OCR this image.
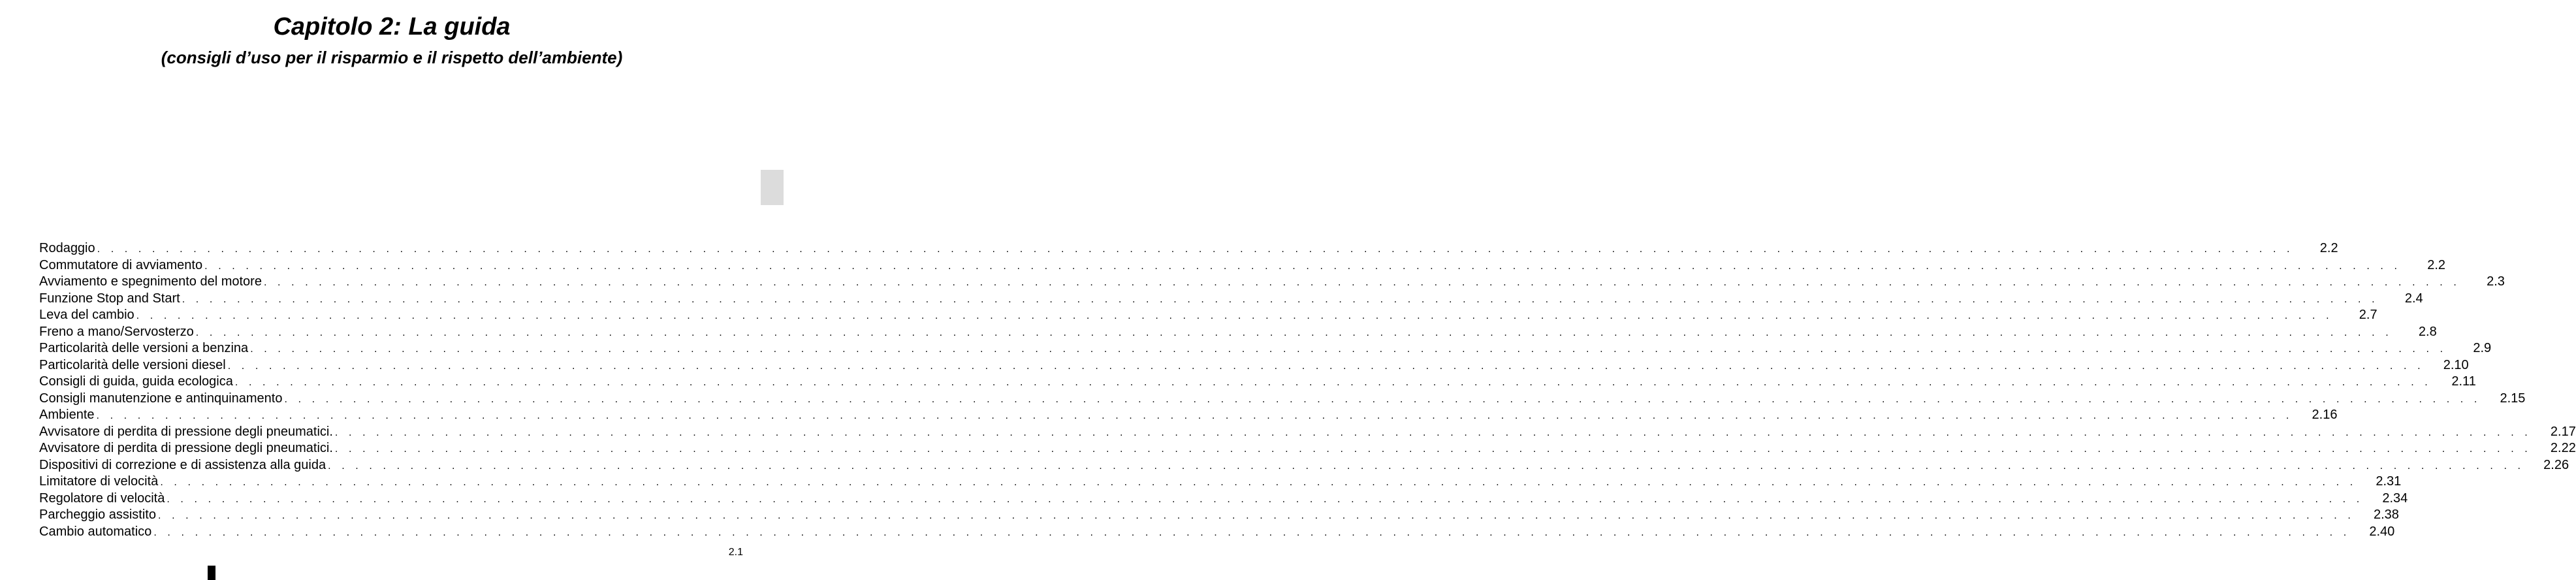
Capitolo 2: La guida
(consigli d’uso per il risparmio e il rispetto dell’ambiente)
Rodaggio . . . . . . . . . . . . . . . . . . . . . . . . . . . . . . . . . . . . . . . . . . . . . . . . . . . . . . . . . . . . . . . . . . . . . . . . . . . . . . . . . . . . . . . . . . . . . . . . . . . . . . . . . . . . . . . . . . . . . . . . . . . . . . . . . . . . . . . . . . . . . . . . . . . . . . . . . . . . . . . .	2.2
Commutatore di avviamento . . . . . . . . . . . . . . . . . . . . . . . . . . . . . . . . . . . . . . . . . . . . . . . . . . . . . . . . . . . . . . . . . . . . . . . . . . . . . . . . . . . . . . . . . . . . . . . . . . . . . . . . . . . . . . . . . . . . . . . . . . . . . . . . . . . . . . . . . . . . . . . . . . . . . . . . . . . . . . . .	2.2
Avviamento e spegnimento del motore . . . . . . . . . . . . . . . . . . . . . . . . . . . . . . . . . . . . . . . . . . . . . . . . . . . . . . . . . . . . . . . . . . . . . . . . . . . . . . . . . . . . . . . . . . . . . . . . . . . . . . . . . . . . . . . . . . . . . . . . . . . . . . . . . . . . . . . . . . . . . . . . . . . . . . . . . . . . . . . .	2.3
Funzione Stop and Start . . . . . . . . . . . . . . . . . . . . . . . . . . . . . . . . . . . . . . . . . . . . . . . . . . . . . . . . . . . . . . . . . . . . . . . . . . . . . . . . . . . . . . . . . . . . . . . . . . . . . . . . . . . . . . . . . . . . . . . . . . . . . . . . . . . . . . . . . . . . . . . . . . . . . . . . . . . . . . . .	2.4
Leva del cambio . . . . . . . . . . . . . . . . . . . . . . . . . . . . . . . . . . . . . . . . . . . . . . . . . . . . . . . . . . . . . . . . . . . . . . . . . . . . . . . . . . . . . . . . . . . . . . . . . . . . . . . . . . . . . . . . . . . . . . . . . . . . . . . . . . . . . . . . . . . . . . . . . . . . . . . . . . . . . . . .	2.7
Freno a mano/Servosterzo . . . . . . . . . . . . . . . . . . . . . . . . . . . . . . . . . . . . . . . . . . . . . . . . . . . . . . . . . . . . . . . . . . . . . . . . . . . . . . . . . . . . . . . . . . . . . . . . . . . . . . . . . . . . . . . . . . . . . . . . . . . . . . . . . . . . . . . . . . . . . . . . . . . . . . . . . . . . . . . .	2.8
Particolarità delle versioni a benzina . . . . . . . . . . . . . . . . . . . . . . . . . . . . . . . . . . . . . . . . . . . . . . . . . . . . . . . . . . . . . . . . . . . . . . . . . . . . . . . . . . . . . . . . . . . . . . . . . . . . . . . . . . . . . . . . . . . . . . . . . . . . . . . . . . . . . . . . . . . . . . . . . . . . . . . . . . . . . . . .	2.9
Particolarità delle versioni diesel . . . . . . . . . . . . . . . . . . . . . . . . . . . . . . . . . . . . . . . . . . . . . . . . . . . . . . . . . . . . . . . . . . . . . . . . . . . . . . . . . . . . . . . . . . . . . . . . . . . . . . . . . . . . . . . . . . . . . . . . . . . . . . . . . . . . . . . . . . . . . . . . . . . . . . . . . . . . . . . .	2.10
Consigli di guida, guida ecologica . . . . . . . . . . . . . . . . . . . . . . . . . . . . . . . . . . . . . . . . . . . . . . . . . . . . . . . . . . . . . . . . . . . . . . . . . . . . . . . . . . . . . . . . . . . . . . . . . . . . . . . . . . . . . . . . . . . . . . . . . . . . . . . . . . . . . . . . . . . . . . . . . . . . . . . . . . . . . . . .	2.11
Consigli manutenzione e antinquinamento . . . . . . . . . . . . . . . . . . . . . . . . . . . . . . . . . . . . . . . . . . . . . . . . . . . . . . . . . . . . . . . . . . . . . . . . . . . . . . . . . . . . . . . . . . . . . . . . . . . . . . . . . . . . . . . . . . . . . . . . . . . . . . . . . . . . . . . . . . . . . . . . . . . . . . . . . . . . . . . .	2.15
Ambiente . . . . . . . . . . . . . . . . . . . . . . . . . . . . . . . . . . . . . . . . . . . . . . . . . . . . . . . . . . . . . . . . . . . . . . . . . . . . . . . . . . . . . . . . . . . . . . . . . . . . . . . . . . . . . . . . . . . . . . . . . . . . . . . . . . . . . . . . . . . . . . . . . . . . . . . . . . . . . . . .	2.16
Avvisatore di perdita di pressione degli pneumatici. . . . . . . . . . . . . . . . . . . . . . . . . . . . . . . . . . . . . . . . . . . . . . . . . . . . . . . . . . . . . . . . . . . . . . . . . . . . . . . . . . . . . . . . . . . . . . . . . . . . . . . . . . . . . . . . . . . . . . . . . . . . . . . . . . . . . . . . . . . . . . . . . . . . . . . . . . . . . . . . .	2.17
Avvisatore di perdita di pressione degli pneumatici. . . . . . . . . . . . . . . . . . . . . . . . . . . . . . . . . . . . . . . . . . . . . . . . . . . . . . . . . . . . . . . . . . . . . . . . . . . . . . . . . . . . . . . . . . . . . . . . . . . . . . . . . . . . . . . . . . . . . . . . . . . . . . . . . . . . . . . . . . . . . . . . . . . . . . . . . . . . . . . . .	2.22
Dispositivi di correzione e di assistenza alla guida . . . . . . . . . . . . . . . . . . . . . . . . . . . . . . . . . . . . . . . . . . . . . . . . . . . . . . . . . . . . . . . . . . . . . . . . . . . . . . . . . . . . . . . . . . . . . . . . . . . . . . . . . . . . . . . . . . . . . . . . . . . . . . . . . . . . . . . . . . . . . . . . . . . . . . . . . . . . . . . .	2.26
Limitatore di velocità . . . . . . . . . . . . . . . . . . . . . . . . . . . . . . . . . . . . . . . . . . . . . . . . . . . . . . . . . . . . . . . . . . . . . . . . . . . . . . . . . . . . . . . . . . . . . . . . . . . . . . . . . . . . . . . . . . . . . . . . . . . . . . . . . . . . . . . . . . . . . . . . . . . . . . . . . . . . . . . .	2.31
Regolatore di velocità . . . . . . . . . . . . . . . . . . . . . . . . . . . . . . . . . . . . . . . . . . . . . . . . . . . . . . . . . . . . . . . . . . . . . . . . . . . . . . . . . . . . . . . . . . . . . . . . . . . . . . . . . . . . . . . . . . . . . . . . . . . . . . . . . . . . . . . . . . . . . . . . . . . . . . . . . . . . . . . .	2.34
Parcheggio assistito . . . . . . . . . . . . . . . . . . . . . . . . . . . . . . . . . . . . . . . . . . . . . . . . . . . . . . . . . . . . . . . . . . . . . . . . . . . . . . . . . . . . . . . . . . . . . . . . . . . . . . . . . . . . . . . . . . . . . . . . . . . . . . . . . . . . . . . . . . . . . . . . . . . . . . . . . . . . . . . .	2.38
Cambio automatico . . . . . . . . . . . . . . . . . . . . . . . . . . . . . . . . . . . . . . . . . . . . . . . . . . . . . . . . . . . . . . . . . . . . . . . . . . . . . . . . . . . . . . . . . . . . . . . . . . . . . . . . . . . . . . . . . . . . . . . . . . . . . . . . . . . . . . . . . . . . . . . . . . . . . . . . . . . . . . . .	2.40
2.1
